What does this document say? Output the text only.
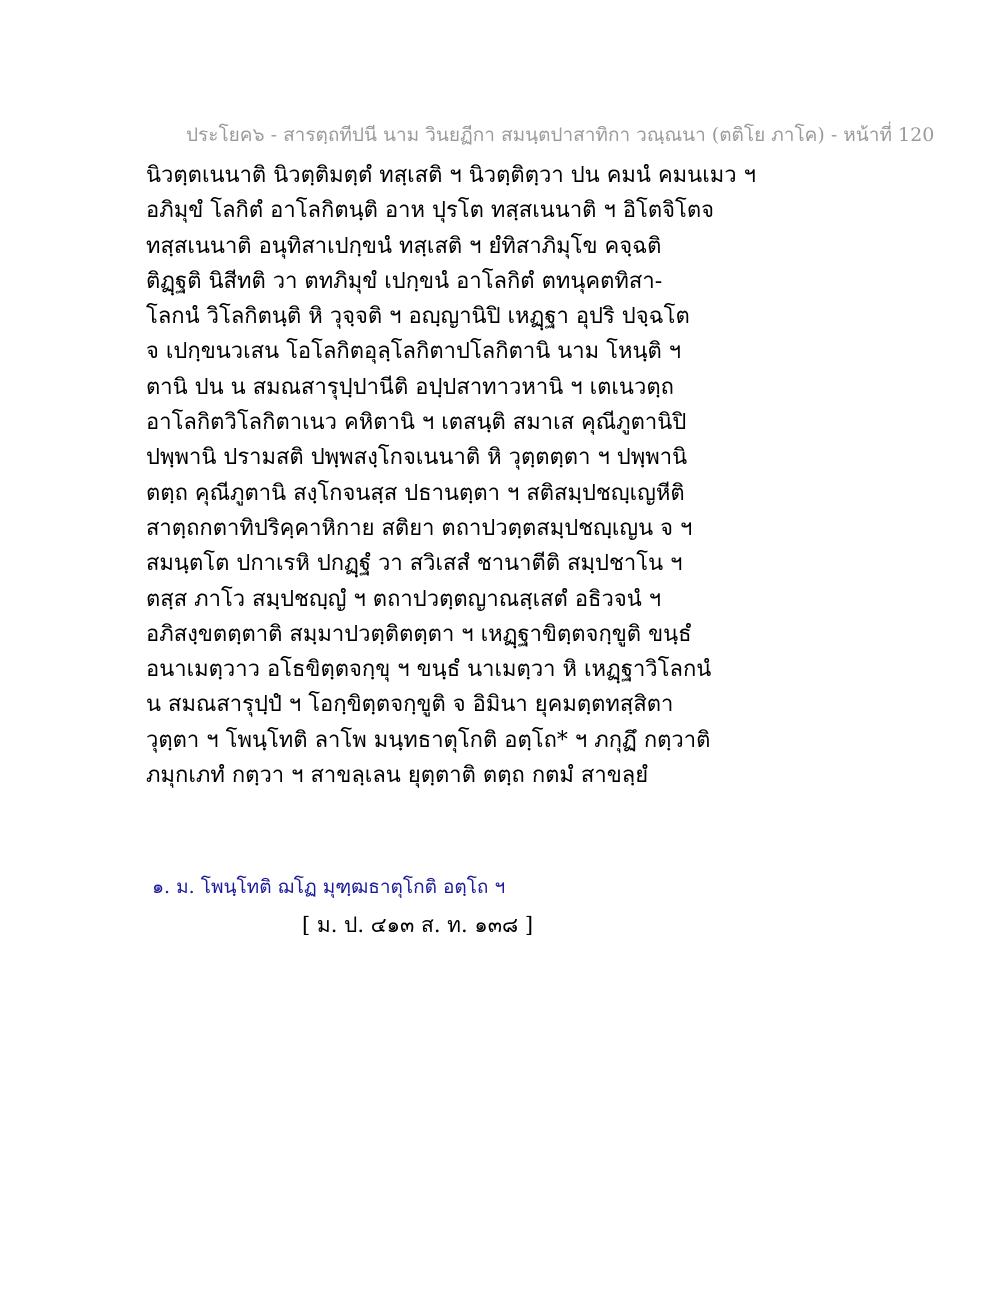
ประโยค๖ - สารตฺถทีปนี นาม วินยฏีกา สมนฺตปาสาทิกา วณฺณนา (ตติโย ภาโค) - หน้าที่ 120
นิวตฺตเนนาติ นิวตฺติมตฺตํ ทสฺเสติ ฯ นิวตฺติตฺวา ปน คมนํ คมนเมว ฯ
อภิมุขํ โลกิตํ อาโลกิตนฺติ อาห ปุรโต ทสฺสเนนาติ ฯ อิโตจิโตจ
ทสฺสเนนาติ อนุทิสาเปกฺขนํ ทสฺเสติ ฯ ยํทิสาภิมุโข คจฺฉติ
ติฏฺฐติ นิสีทติ วา ตทภิมุขํ เปกฺขนํ อาโลกิตํ ตทนุคตทิสา-
โลกนํ วิโลกิตนฺติ หิ วุจฺจติ ฯ อญฺญานิปิ เหฏฺฐา อุปริ ปจฺฉโต
จ เปกฺขนวเสน โอโลกิตอุลฺโลกิตาปโลกิตานิ นาม โหนฺติ ฯ
ตานิ ปน น สมณสารุปฺปานีติ อปฺปสาทาวหานิ ฯ เตเนวตฺถ
อาโลกิตวิโลกิตาเนว คหิตานิ ฯ เตสนฺติ สมาเส คุณีภูตานิปิ
ปพฺพานิ ปรามสติ ปพฺพสงฺโกจเนนาติ หิ วุตฺตตฺตา ฯ ปพฺพานิ
ตตฺถ คุณีภูตานิ สงฺโกจนสฺส ปธานตฺตา ฯ สติสมฺปชญฺเญหีติ
สาตฺถกตาทิปริคฺคาหิกาย สติยา ตถาปวตฺตสมฺปชญฺเญน จ ฯ
สมนฺตโต ปกาเรหิ ปกฏฺฐํ วา สวิเสสํ ชานาตีติ สมฺปชาโน ฯ
ตสฺส ภาโว สมฺปชญฺญํ ฯ ตถาปวตฺตญาณสฺเสตํ อธิวจนํ ฯ
อภิสงฺขตตฺตาติ สมฺมาปวตฺติตตฺตา ฯ เหฏฺฐาขิตฺตจกฺขูติ ขนฺธํ
อนาเมตฺวาว อโธขิตฺตจกฺขุ ฯ ขนฺธํ นาเมตฺวา หิ เหฏฺฐาวิโลกนํ
น สมณสารุปฺปํ ฯ โอกฺขิตฺตจกฺขูติ จ อิมินา ยุคมตฺตทสฺสิตา
วุตฺตา ฯ โพนฺโทติ ลาโพ มนฺทธาตุโกติ อตฺโถ* ฯ ภกุฏึ กตฺวาติ
ภมุกเภทํ กตฺวา ฯ สาขลฺเลน ยุตฺตาติ ตตฺถ กตมํ สาขลฺยํ
๑. ม. โพนฺโทติ ฌโฏ มุฑฺฒธาตุโกติ อตฺโถ ฯ
[ ม. ป. ๔๑๓ ส. ท. ๑๓๘ ]
